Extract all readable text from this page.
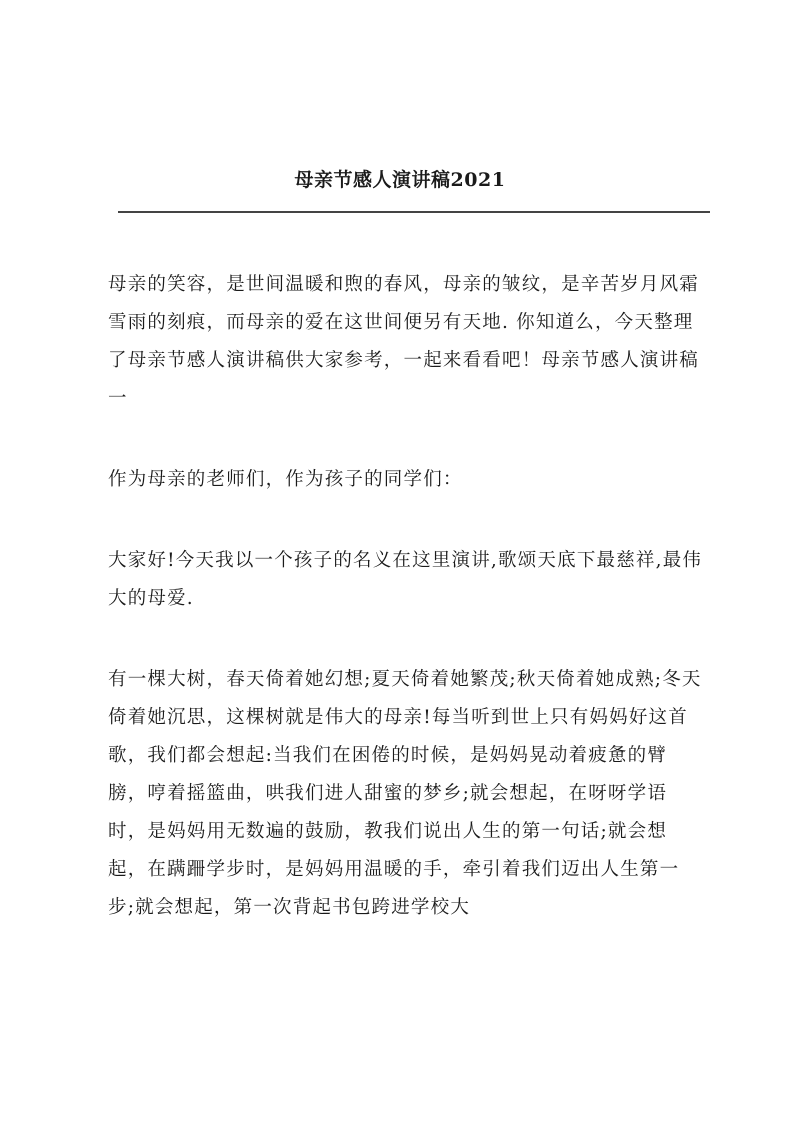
母亲节感人演讲稿2021

母亲的笑容，是世间温暖和煦的春风，母亲的皱纹，是辛苦岁月风霜雪雨的刻痕，而母亲的爱在这世间便另有天地. 你知道么，今天整理了母亲节感人演讲稿供大家参考，一起来看看吧！母亲节感人演讲稿一

作为母亲的老师们，作为孩子的同学们：

大家好!今天我以一个孩子的名义在这里演讲,歌颂天底下最慈祥,最伟大的母爱.

有一棵大树，春天倚着她幻想;夏天倚着她繁茂;秋天倚着她成熟;冬天倚着她沉思，这棵树就是伟大的母亲!每当听到世上只有妈妈好这首歌，我们都会想起:当我们在困倦的时候，是妈妈晃动着疲惫的臂膀，哼着摇篮曲，哄我们进人甜蜜的梦乡;就会想起，在呀呀学语时，是妈妈用无数遍的鼓励，教我们说出人生的第一句话;就会想起，在蹒跚学步时，是妈妈用温暖的手，牵引着我们迈出人生第一步;就会想起，第一次背起书包跨进学校大
